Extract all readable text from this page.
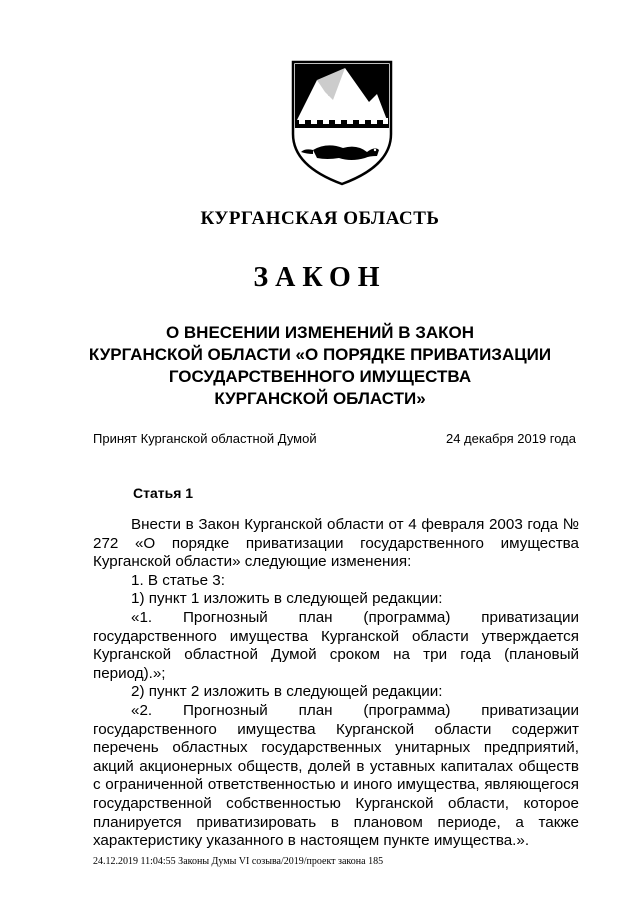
КУРГАНСКАЯ ОБЛАСТЬ
ЗАКОН
О ВНЕСЕНИИ ИЗМЕНЕНИЙ В ЗАКОН
КУРГАНСКОЙ ОБЛАСТИ «О ПОРЯДКЕ ПРИВАТИЗАЦИИ
ГОСУДАРСТВЕННОГО ИМУЩЕСТВА
КУРГАНСКОЙ ОБЛАСТИ»
Принят Курганской областной Думой	24 декабря 2019 года
Статья 1

Внести в Закон Курганской области от 4 февраля 2003 года № 272 «О порядке приватизации государственного имущества Курганской области» следующие изменения:

1. В статье 3:

1) пункт 1 изложить в следующей редакции:

«1. Прогнозный план (программа) приватизации государственного имущества Курганской области утверждается Курганской областной Думой сроком на три года (плановый период).»;

2) пункт 2 изложить в следующей редакции:

«2. Прогнозный план (программа) приватизации государственного имущества Курганской области содержит перечень областных государственных унитарных предприятий, акций акционерных обществ, долей в уставных капиталах обществ с ограниченной ответственностью и иного имущества, являющегося государственной собственностью Курганской области, которое планируется приватизировать в плановом периоде, а также характеристику указанного в настоящем пункте имущества.».

24.12.2019 11:04:55 Законы Думы VI созыва/2019/проект закона 185
